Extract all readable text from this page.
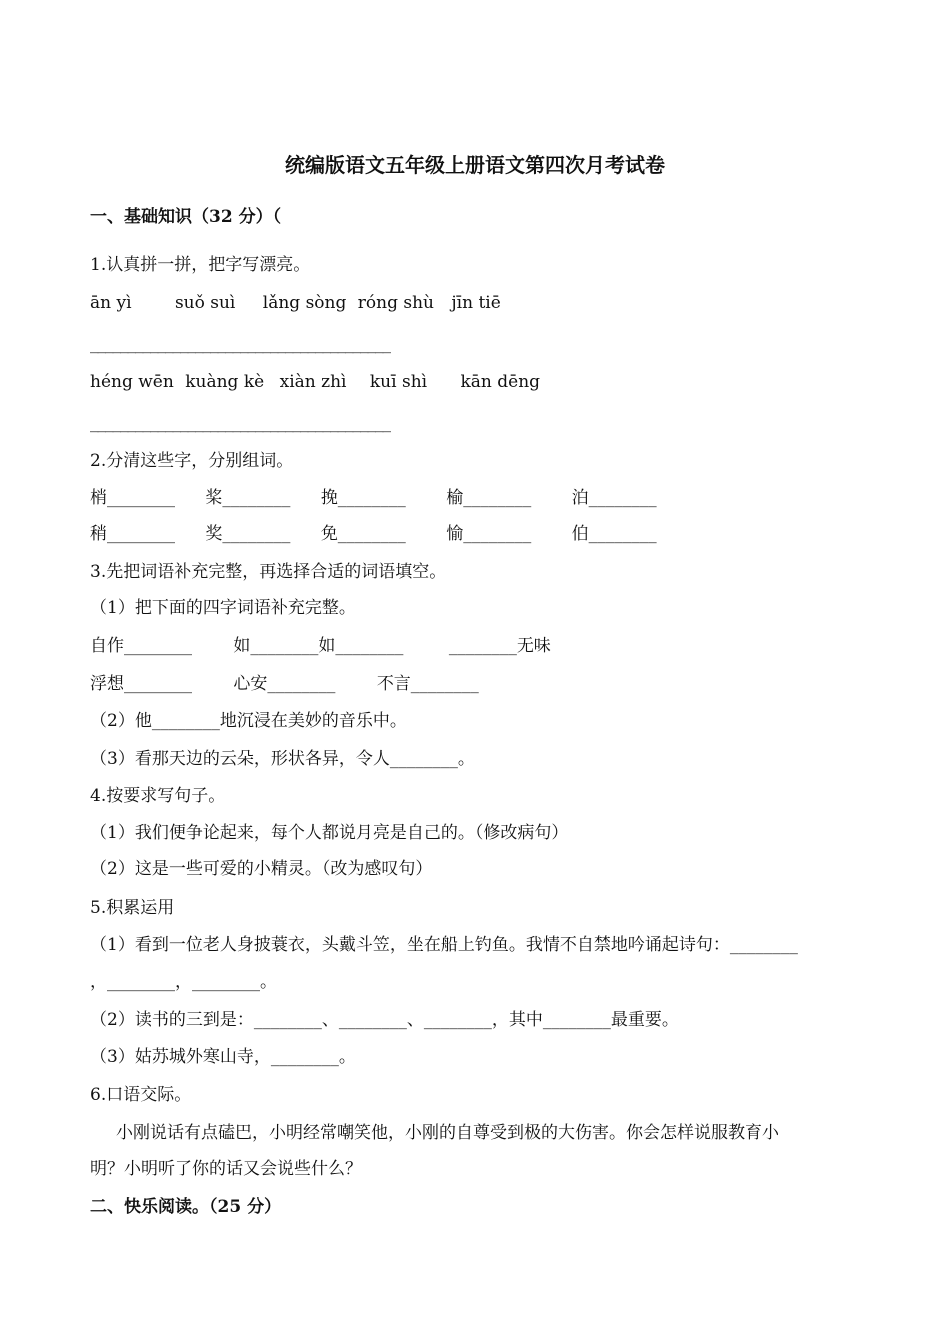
统编版语文五年级上册语文第四次月考试卷
一、基础知识（32 分）（
1.认真拼一拼，把字写漂亮。
ān yì	suǒ suì lǎng sòng róng shù jīn tiē
________________________________________
héng wēn kuàng kè xiàn zhì kuī shì kān dēng
________________________________________
2.分清这些字，分别组词。
梢________ 桨________ 挽________ 榆________ 泊________
稍________ 奖________ 免________ 愉________ 伯________
3.先把词语补充完整，再选择合适的词语填空。
（1）把下面的四字词语补充完整。
自作________ 如________如________	________无味
浮想________ 心安________ 不言________
（2）他________地沉浸在美妙的音乐中。
（3）看那天边的云朵，形状各异，令人________。
4.按要求写句子。
（1）我们便争论起来，每个人都说月亮是自己的。（修改病句）
（2）这是一些可爱的小精灵。（改为感叹句）
5.积累运用
（1）看到一位老人身披蓑衣，头戴斗笠，坐在船上钓鱼。我情不自禁地吟诵起诗句：________
，________，________。
（2）读书的三到是：________、________、________，其中________最重要。
（3）姑苏城外寒山寺，________。
6.口语交际。
小刚说话有点磕巴，小明经常嘲笑他，小刚的自尊受到极的大伤害。你会怎样说服教育小
明？小明听了你的话又会说些什么？
二、快乐阅读。（25 分）
